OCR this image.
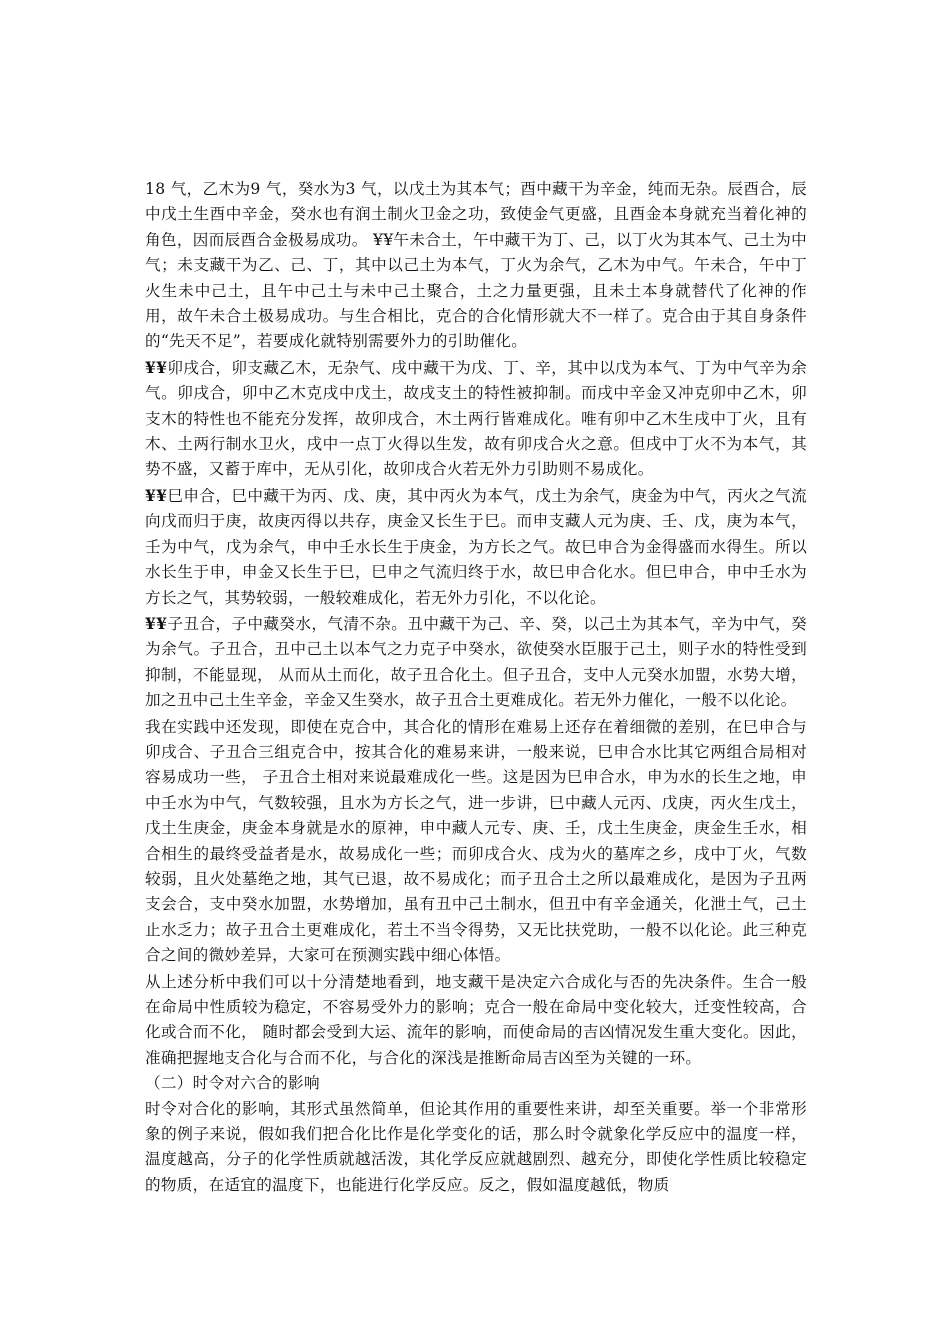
18 气，乙木为9 气，癸水为3 气，以戊土为其本气；酉中藏干为辛金，纯而无杂。辰酉合，辰中戊土生酉中辛金，癸水也有润土制火卫金之功，致使金气更盛，且酉金本身就充当着化神的角色，因而辰酉合金极易成功。 ¥¥午未合土，午中藏干为丁、己，以丁火为其本气、己土为中气；未支藏干为乙、己、丁，其中以己土为本气，丁火为余气，乙木为中气。午未合，午中丁火生未中己土，且午中己土与未中己土聚合，土之力量更强，且未土本身就替代了化神的作用，故午未合土极易成功。与生合相比，克合的合化情形就大不一样了。克合由于其自身条件的“先天不足”，若要成化就特别需要外力的引助催化。

¥¥卯戌合，卯支藏乙木，无杂气、戌中藏干为戊、丁、辛，其中以戊为本气、丁为中气辛为余气。卯戌合，卯中乙木克戌中戊土，故戌支土的特性被抑制。而戌中辛金又冲克卯中乙木，卯支木的特性也不能充分发挥，故卯戌合，木土两行皆难成化。唯有卯中乙木生戌中丁火，且有木、土两行制水卫火，戌中一点丁火得以生发，故有卯戌合火之意。但戌中丁火不为本气，其势不盛，又蓄于库中，无从引化，故卯戌合火若无外力引助则不易成化。

¥¥巳申合，巳中藏干为丙、戊、庚，其中丙火为本气，戊土为余气，庚金为中气，丙火之气流向戊而归于庚，故庚丙得以共存，庚金又长生于巳。而申支藏人元为庚、壬、戊，庚为本气，壬为中气，戊为余气，申中壬水长生于庚金，为方长之气。故巳申合为金得盛而水得生。所以水长生于申，申金又长生于巳，巳申之气流归终于水，故巳申合化水。但巳申合，申中壬水为方长之气，其势较弱，一般较难成化，若无外力引化，不以化论。

¥¥子丑合，子中藏癸水，气清不杂。丑中藏干为己、辛、癸，以己土为其本气，辛为中气，癸为余气。子丑合，丑中己土以本气之力克子中癸水，欲使癸水臣服于己土，则子水的特性受到抑制，不能显现， 从而从土而化，故子丑合化土。但子丑合，支中人元癸水加盟，水势大增，加之丑中己土生辛金，辛金又生癸水，故子丑合土更难成化。若无外力催化，一般不以化论。

我在实践中还发现，即使在克合中，其合化的情形在难易上还存在着细微的差别，在巳申合与卯戌合、子丑合三组克合中，按其合化的难易来讲，一般来说，巳申合水比其它两组合局相对容易成功一些， 子丑合土相对来说最难成化一些。这是因为巳申合水，申为水的长生之地，申中壬水为中气，气数较强，且水为方长之气，进一步讲，巳中藏人元丙、戊庚，丙火生戊土，戊土生庚金，庚金本身就是水的原神，申中藏人元专、庚、壬，戊土生庚金，庚金生壬水，相合相生的最终受益者是水，故易成化一些；而卯戌合火、戌为火的墓库之乡，戌中丁火，气数较弱，且火处墓绝之地，其气已退，故不易成化；而子丑合土之所以最难成化，是因为子丑两支会合，支中癸水加盟，水势增加，虽有丑中己土制水，但丑中有辛金通关，化泄土气，己土止水乏力；故子丑合土更难成化，若土不当令得势，又无比扶党助，一般不以化论。此三种克合之间的微妙差异，大家可在预测实践中细心体悟。

从上述分析中我们可以十分清楚地看到，地支藏干是决定六合成化与否的先决条件。生合一般在命局中性质较为稳定，不容易受外力的影响；克合一般在命局中变化较大，迁变性较高，合化或合而不化， 随时都会受到大运、流年的影响，而使命局的吉凶情况发生重大变化。因此，准确把握地支合化与合而不化，与合化的深浅是推断命局吉凶至为关键的一环。

（二）时令对六合的影响

时令对合化的影响，其形式虽然简单，但论其作用的重要性来讲，却至关重要。举一个非常形象的例子来说，假如我们把合化比作是化学变化的话，那么时令就象化学反应中的温度一样，温度越高，分子的化学性质就越活泼，其化学反应就越剧烈、越充分，即使化学性质比较稳定的物质，在适宜的温度下，也能进行化学反应。反之，假如温度越低，物质
